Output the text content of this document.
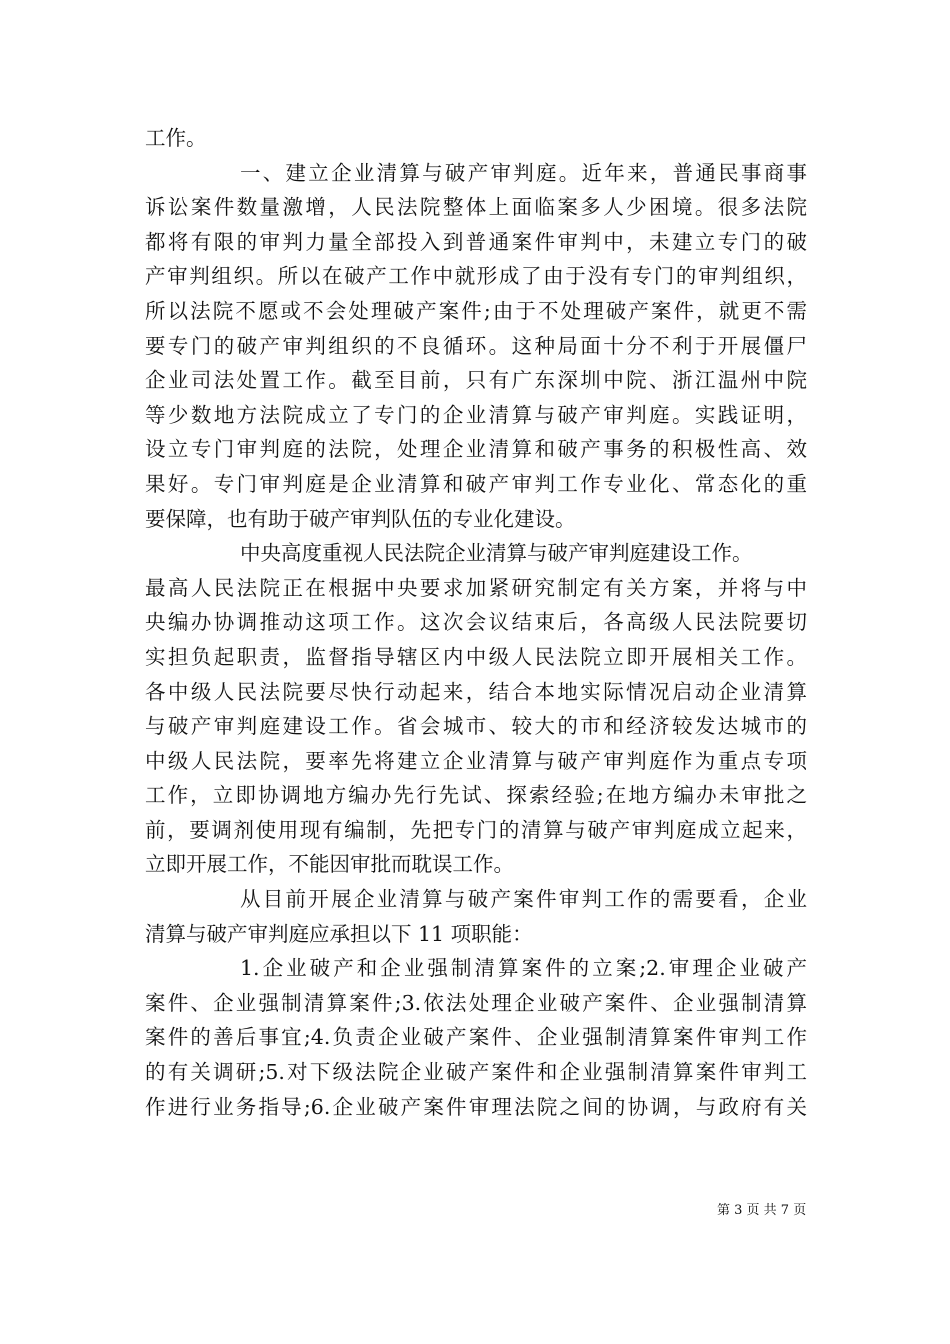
工作。
一、建立企业清算与破产审判庭。近年来，普通民事商事
诉讼案件数量激增，人民法院整体上面临案多人少困境。很多法院
都将有限的审判力量全部投入到普通案件审判中，未建立专门的破
产审判组织。所以在破产工作中就形成了由于没有专门的审判组织，
所以法院不愿或不会处理破产案件;由于不处理破产案件，就更不需
要专门的破产审判组织的不良循环。这种局面十分不利于开展僵尸
企业司法处置工作。截至目前，只有广东深圳中院、浙江温州中院
等少数地方法院成立了专门的企业清算与破产审判庭。实践证明，
设立专门审判庭的法院，处理企业清算和破产事务的积极性高、效
果好。专门审判庭是企业清算和破产审判工作专业化、常态化的重
要保障，也有助于破产审判队伍的专业化建设。
中央高度重视人民法院企业清算与破产审判庭建设工作。
最高人民法院正在根据中央要求加紧研究制定有关方案，并将与中
央编办协调推动这项工作。这次会议结束后，各高级人民法院要切
实担负起职责，监督指导辖区内中级人民法院立即开展相关工作。
各中级人民法院要尽快行动起来，结合本地实际情况启动企业清算
与破产审判庭建设工作。省会城市、较大的市和经济较发达城市的
中级人民法院，要率先将建立企业清算与破产审判庭作为重点专项
工作，立即协调地方编办先行先试、探索经验;在地方编办未审批之
前，要调剂使用现有编制，先把专门的清算与破产审判庭成立起来，
立即开展工作，不能因审批而耽误工作。
从目前开展企业清算与破产案件审判工作的需要看，企业
清算与破产审判庭应承担以下 11 项职能：
1.企业破产和企业强制清算案件的立案;2.审理企业破产
案件、企业强制清算案件;3.依法处理企业破产案件、企业强制清算
案件的善后事宜;4.负责企业破产案件、企业强制清算案件审判工作
的有关调研;5.对下级法院企业破产案件和企业强制清算案件审判工
作进行业务指导;6.企业破产案件审理法院之间的协调，与政府有关
第 3 页 共 7 页
